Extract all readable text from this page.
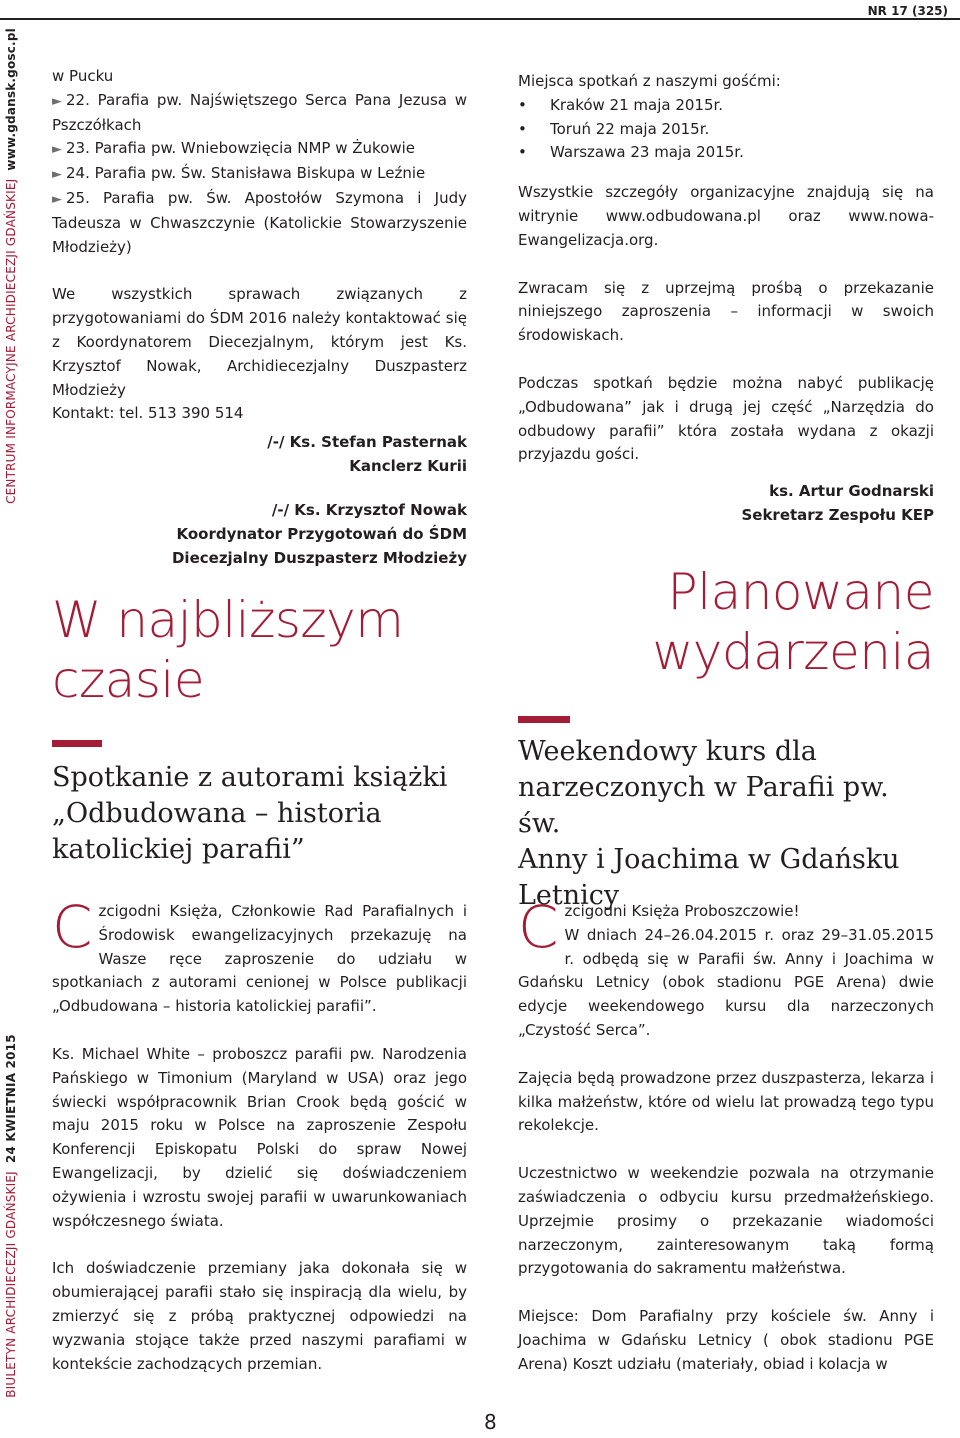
NR 17 (325)
CENTRUM INFORMACYJNE ARCHIDIECEZJI GDAŃSKIEJ  www.gdansk.gosc.pl
BIULETYN ARCHIDIECEZJI GDAŃSKIEJ  24 KWIETNIA 2015

w Pucku

► 22. Parafia pw. Najświętszego Serca Pana Jezusa w Pszczółkach

► 23. Parafia pw. Wniebowzięcia NMP w Żukowie

► 24. Parafia pw. Św. Stanisława Biskupa w Leźnie

► 25. Parafia pw. Św. Apostołów Szymona i Judy Tadeusza w Chwaszczynie (Katolickie Stowarzyszenie Młodzieży)

We wszystkich sprawach związanych z przygotowaniami do ŚDM 2016 należy kontaktować się z Koordynatorem Diecezjalnym, którym jest Ks. Krzysztof Nowak, Archidiecezjalny Duszpasterz Młodzieży

Kontakt: tel. 513 390 514

/-/ Ks. Stefan Pasternak
Kanclerz Kurii
/-/ Ks. Krzysztof Nowak
Koordynator Przygotowań do ŚDM
Diecezjalny Duszpasterz Młodzieży

Miejsca spotkań z naszymi gośćmi:

• Kraków 21 maja 2015r.
• Toruń 22 maja 2015r.
• Warszawa 23 maja 2015r.

Wszystkie szczegóły organizacyjne znajdują się na witrynie www.odbudowana.pl oraz www.nowa-Ewangelizacja.org.

Zwracam się z uprzejmą prośbą o przekazanie niniejszego zaproszenia – informacji w swoich środowiskach.

Podczas spotkań będzie można nabyć publikację „Odbudowana” jak i drugą jej część „Narzędzia do odbudowy parafii” która została wydana z okazji przyjazdu gości.

ks. Artur Godnarski
Sekretarz Zespołu KEP
W najbliższym
czasie
Spotkanie z autorami książki
„Odbudowana – historia
katolickiej parafii”

Czcigodni Księża, Członkowie Rad Parafialnych i Środowisk ewangelizacyjnych przekazuję na Wasze ręce zaproszenie do udziału w spotkaniach z autorami cenionej w Polsce publikacji „Odbudowana – historia katolickiej parafii”.

Ks. Michael White – proboszcz parafii pw. Narodzenia Pańskiego w Timonium (Maryland w USA) oraz jego świecki współpracownik Brian Crook będą gościć w maju 2015 roku w Polsce na zaproszenie Zespołu Konferencji Episkopatu Polski do spraw Nowej Ewangelizacji, by dzielić się doświadczeniem ożywienia i wzrostu swojej parafii w uwarunkowaniach współczesnego świata.

Ich doświadczenie przemiany jaka dokonała się w obumierającej parafii stało się inspiracją dla wielu, by zmierzyć się z próbą praktycznej odpowiedzi na wyzwania stojące także przed naszymi parafiami w kontekście zachodzących przemian.

Planowane
wydarzenia
Weekendowy kurs dla
narzeczonych w Parafii pw. św.
Anny i Joachima w Gdańsku
Letnicy

Czcigodni Księża Proboszczowie!
W dniach 24–26.04.2015 r. oraz 29–31.05.2015 r. odbędą się w Parafii św. Anny i Joachima w Gdańsku Letnicy (obok stadionu PGE Arena) dwie edycje weekendowego kursu dla narzeczonych „Czystość Serca”.

Zajęcia będą prowadzone przez duszpasterza, lekarza i kilka małżeństw, które od wielu lat prowadzą tego typu rekolekcje.

Uczestnictwo w weekendzie pozwala na otrzymanie zaświadczenia o odbyciu kursu przedmałżeńskiego. Uprzejmie prosimy o przekazanie wiadomości narzeczonym, zainteresowanym taką formą przygotowania do sakramentu małżeństwa.

Miejsce: Dom Parafialny przy kościele św. Anny i Joachima w Gdańsku Letnicy ( obok stadionu PGE Arena) Koszt udziału (materiały, obiad i kolacja w

8
